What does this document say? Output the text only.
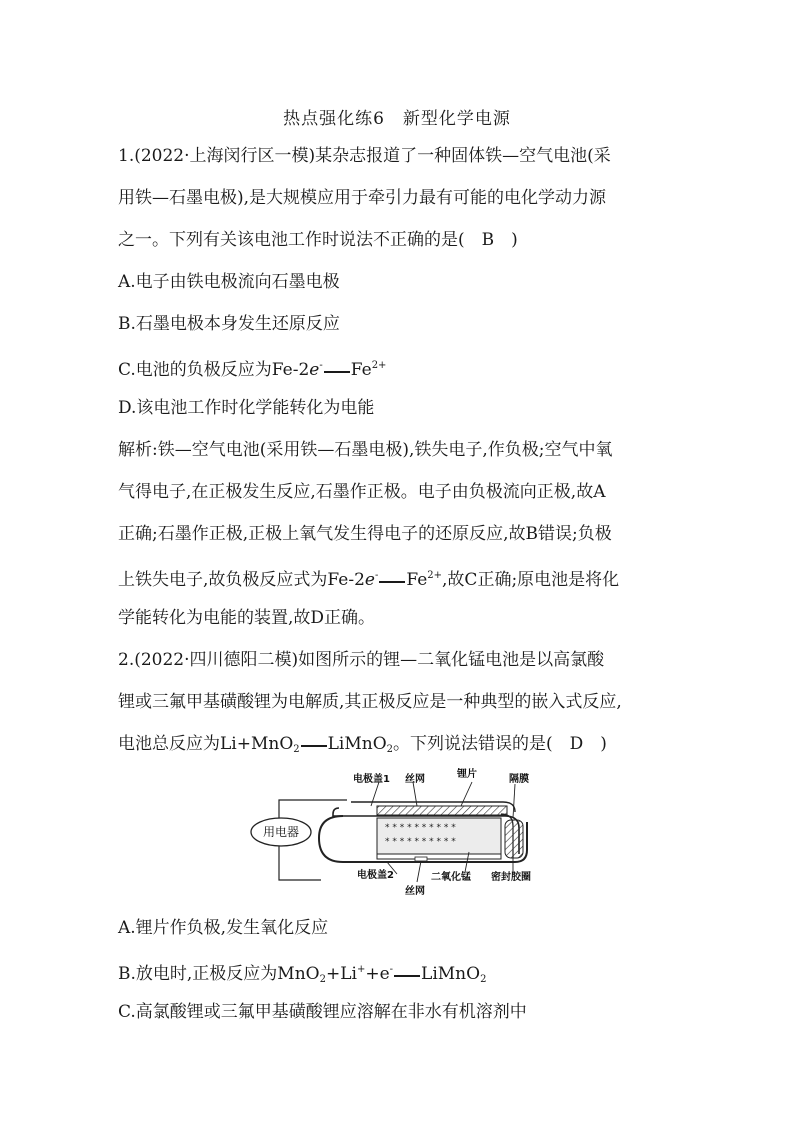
热点强化练6　新型化学电源
1.(2022·上海闵行区一模)某杂志报道了一种固体铁—空气电池(采
用铁—石墨电极),是大规模应用于牵引力最有可能的电化学动力源
之一。下列有关该电池工作时说法不正确的是(　B　)
A.电子由铁电极流向石墨电极
B.石墨电极本身发生还原反应
C.电池的负极反应为Fe-2e- $Fe^{2+}$
D.该电池工作时化学能转化为电能
解析:铁—空气电池(采用铁—石墨电极),铁失电子,作负极;空气中氧
气得电子,在正极发生反应,石墨作正极。电子由负极流向正极,故A
正确;石墨作正极,正极上氧气发生得电子的还原反应,故B错误;负极
上铁失电子,故负极反应式为Fe-2e- $Fe^{2+}$,故C正确;原电池是将化
学能转化为电能的装置,故D正确。
2.(2022·四川德阳二模)如图所示的锂—二氧化锰电池是以高氯酸
锂或三氟甲基磺酸锂为电解质,其正极反应是一种典型的嵌入式反应,
电池总反应为Li+MnO$_2$ LiMnO$_2$。下列说法错误的是(　D　)
用电器	* * * * * * * * * *
* * * * * * * * * *
电极盖1 丝网	锂片	隔膜
电极盖2
丝网
二氧化锰 密封胶圈
A.锂片作负极,发生氧化反应
B.放电时,正极反应为MnO$_2$+Li++e- LiMnO$_2$
C.高氯酸锂或三氟甲基磺酸锂应溶解在非水有机溶剂中
